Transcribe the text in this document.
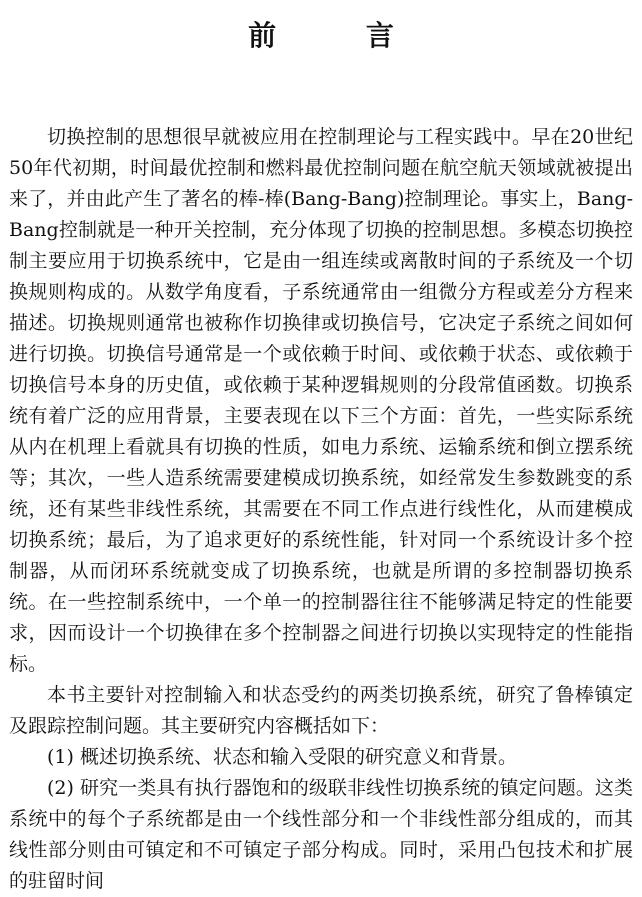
前 言

切换控制的思想很早就被应用在控制理论与工程实践中。早在20世纪50年代初期，时间最优控制和燃料最优控制问题在航空航天领域就被提出来了，并由此产生了著名的棒-棒(Bang-Bang)控制理论。事实上，Bang-Bang控制就是一种开关控制，充分体现了切换的控制思想。多模态切换控制主要应用于切换系统中，它是由一组连续或离散时间的子系统及一个切换规则构成的。从数学角度看，子系统通常由一组微分方程或差分方程来描述。切换规则通常也被称作切换律或切换信号，它决定子系统之间如何进行切换。切换信号通常是一个或依赖于时间、或依赖于状态、或依赖于切换信号本身的历史值，或依赖于某种逻辑规则的分段常值函数。切换系统有着广泛的应用背景，主要表现在以下三个方面：首先，一些实际系统从内在机理上看就具有切换的性质，如电力系统、运输系统和倒立摆系统等；其次，一些人造系统需要建模成切换系统，如经常发生参数跳变的系统，还有某些非线性系统，其需要在不同工作点进行线性化，从而建模成切换系统；最后，为了追求更好的系统性能，针对同一个系统设计多个控制器，从而闭环系统就变成了切换系统，也就是所谓的多控制器切换系统。在一些控制系统中，一个单一的控制器往往不能够满足特定的性能要求，因而设计一个切换律在多个控制器之间进行切换以实现特定的性能指标。

本书主要针对控制输入和状态受约的两类切换系统，研究了鲁棒镇定及跟踪控制问题。其主要研究内容概括如下：

(1) 概述切换系统、状态和输入受限的研究意义和背景。

(2) 研究一类具有执行器饱和的级联非线性切换系统的镇定问题。这类系统中的每个子系统都是由一个线性部分和一个非线性部分组成的，而其线性部分则由可镇定和不可镇定子部分构成。同时，采用凸包技术和扩展的驻留时间
